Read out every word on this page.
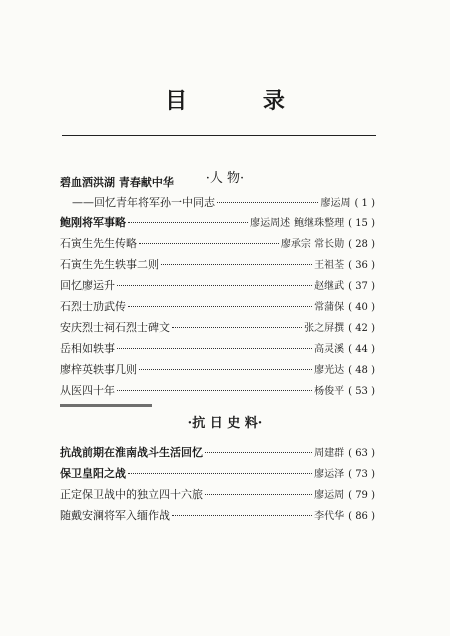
目 录
·人 物·
碧血洒洪湖 青春献中华
——回忆青年将军孙一中同志	廖运周 ( 1 )
鲍刚将军事略	廖运周述 鲍继珠整理 ( 15 )
石寅生先生传略	廖承宗 常长勋 ( 28 )
石寅生先生轶事二则	王祖荃 ( 36 )
回忆廖运升	赵继武 ( 37 )
石烈士劢武传	常蒲保 ( 40 )
安庆烈士祠石烈士碑文	张之屏撰 ( 42 )
岳相如轶事	高灵溪 ( 44 )
廖梓英轶事几则	廖光达 ( 48 )
从医四十年	杨俊平 ( 53 )
·抗 日 史 料·
抗战前期在淮南战斗生活回忆	周建群 ( 63 )
保卫皇阳之战	廖运泽 ( 73 )
正定保卫战中的独立四十六旅	廖运周 ( 79 )
随戴安澜将军入缅作战	李代华 ( 86 )
